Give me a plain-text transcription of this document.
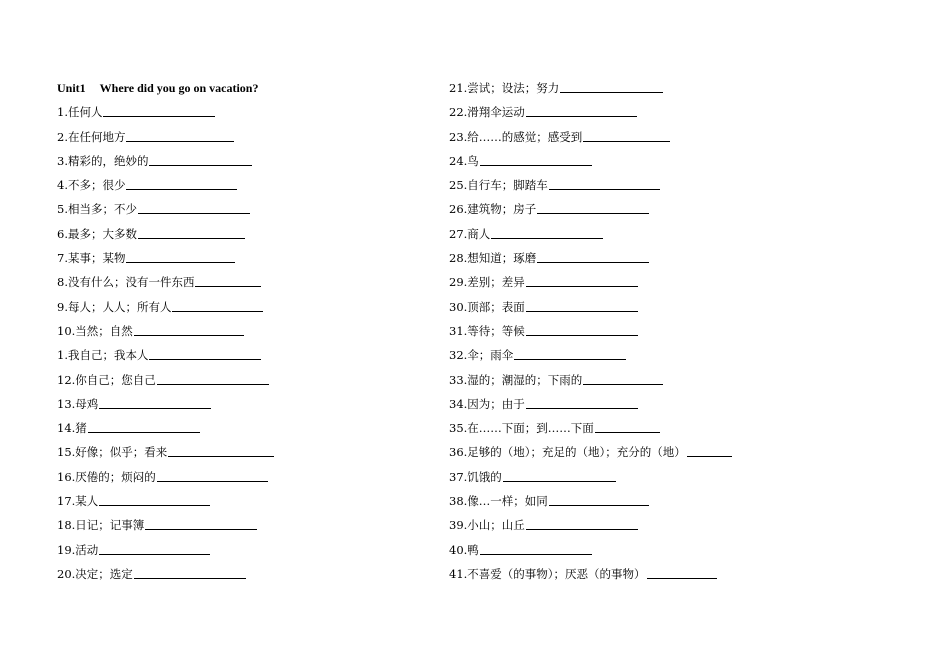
Unit1 Where did you go on vacation?
1.任何人
2.在任何地方
3.精彩的，绝妙的
4.不多；很少
5.相当多；不少
6.最多；大多数
7.某事；某物
8.没有什么；没有一件东西
9.每人；人人；所有人
10.当然；自然
1.我自己；我本人
12.你自己；您自己
13.母鸡
14.猪
15.好像；似乎；看来
16.厌倦的；烦闷的
17.某人
18.日记；记事簿
19.活动
20.决定；选定
21.尝试；设法；努力
22.滑翔伞运动
23.给……的感觉；感受到
24.鸟
25.自行车；脚踏车
26.建筑物；房子
27.商人
28.想知道；琢磨
29.差别；差异
30.顶部；表面
31.等待；等候
32.伞；雨伞
33.湿的；潮湿的；下雨的
34.因为；由于
35.在……下面；到……下面
36.足够的（地）；充足的（地）；充分的（地）
37.饥饿的
38.像…一样；如同
39.小山；山丘
40.鸭
41.不喜爱（的事物）；厌恶（的事物）
